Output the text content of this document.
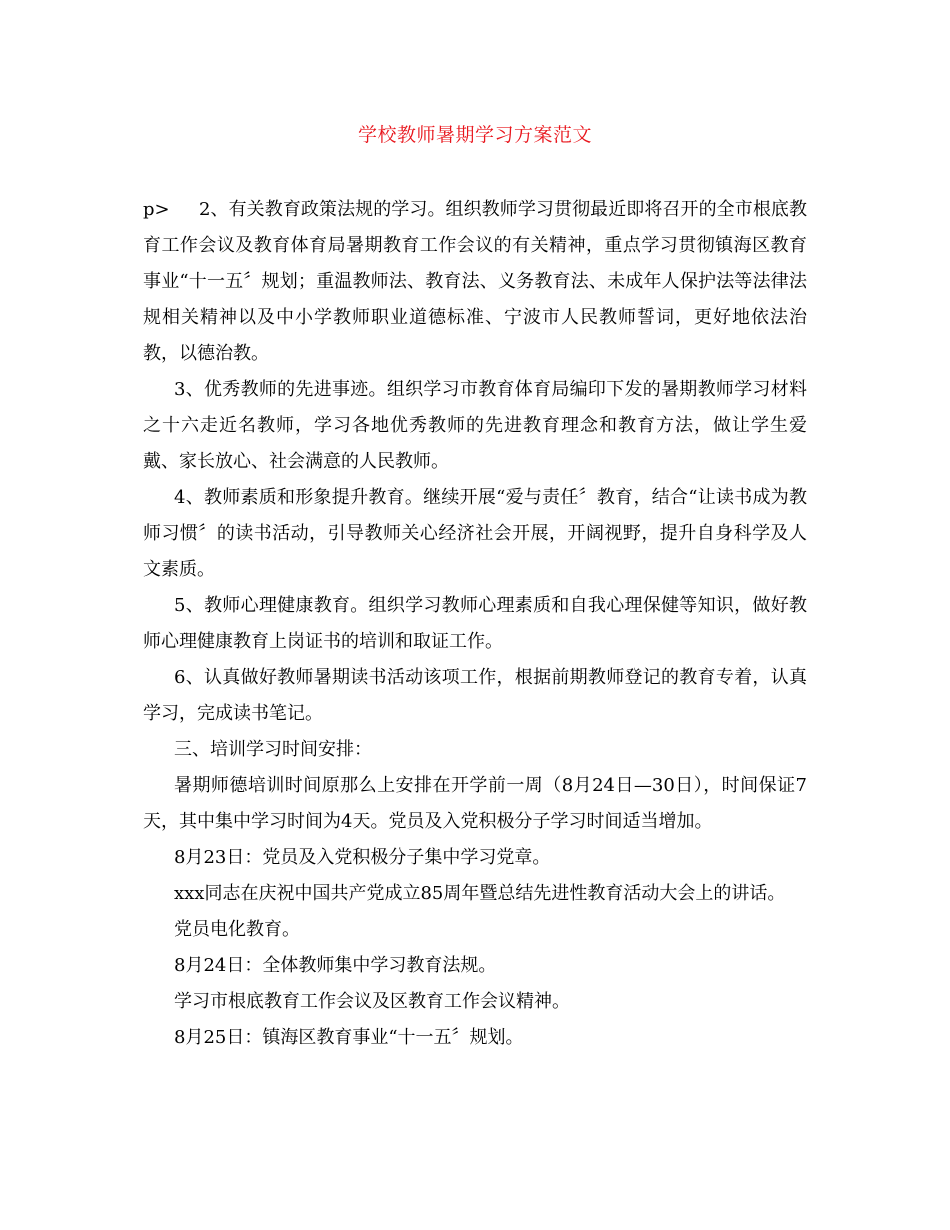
学校教师暑期学习方案范文

p> 2、有关教育政策法规的学习。组织教师学习贯彻最近即将召开的全市根底教育工作会议及教育体育局暑期教育工作会议的有关精神，重点学习贯彻镇海区教育事业“十一五〞规划；重温教师法、教育法、义务教育法、未成年人保护法等法律法规相关精神以及中小学教师职业道德标准、宁波市人民教师誓词，更好地依法治教，以德治教。

3、优秀教师的先进事迹。组织学习市教育体育局编印下发的暑期教师学习材料之十六走近名教师，学习各地优秀教师的先进教育理念和教育方法，做让学生爱戴、家长放心、社会满意的人民教师。

4、教师素质和形象提升教育。继续开展“爱与责任〞教育，结合“让读书成为教师习惯〞的读书活动，引导教师关心经济社会开展，开阔视野，提升自身科学及人文素质。

5、教师心理健康教育。组织学习教师心理素质和自我心理保健等知识，做好教师心理健康教育上岗证书的培训和取证工作。

6、认真做好教师暑期读书活动该项工作，根据前期教师登记的教育专着，认真学习，完成读书笔记。

三、培训学习时间安排：

暑期师德培训时间原那么上安排在开学前一周（8月24日—30日），时间保证7天，其中集中学习时间为4天。党员及入党积极分子学习时间适当增加。

8月23日：党员及入党积极分子集中学习党章。

xxx同志在庆祝中国共产党成立85周年暨总结先进性教育活动大会上的讲话。

党员电化教育。

8月24日：全体教师集中学习教育法规。

学习市根底教育工作会议及区教育工作会议精神。

8月25日：镇海区教育事业“十一五〞规划。
